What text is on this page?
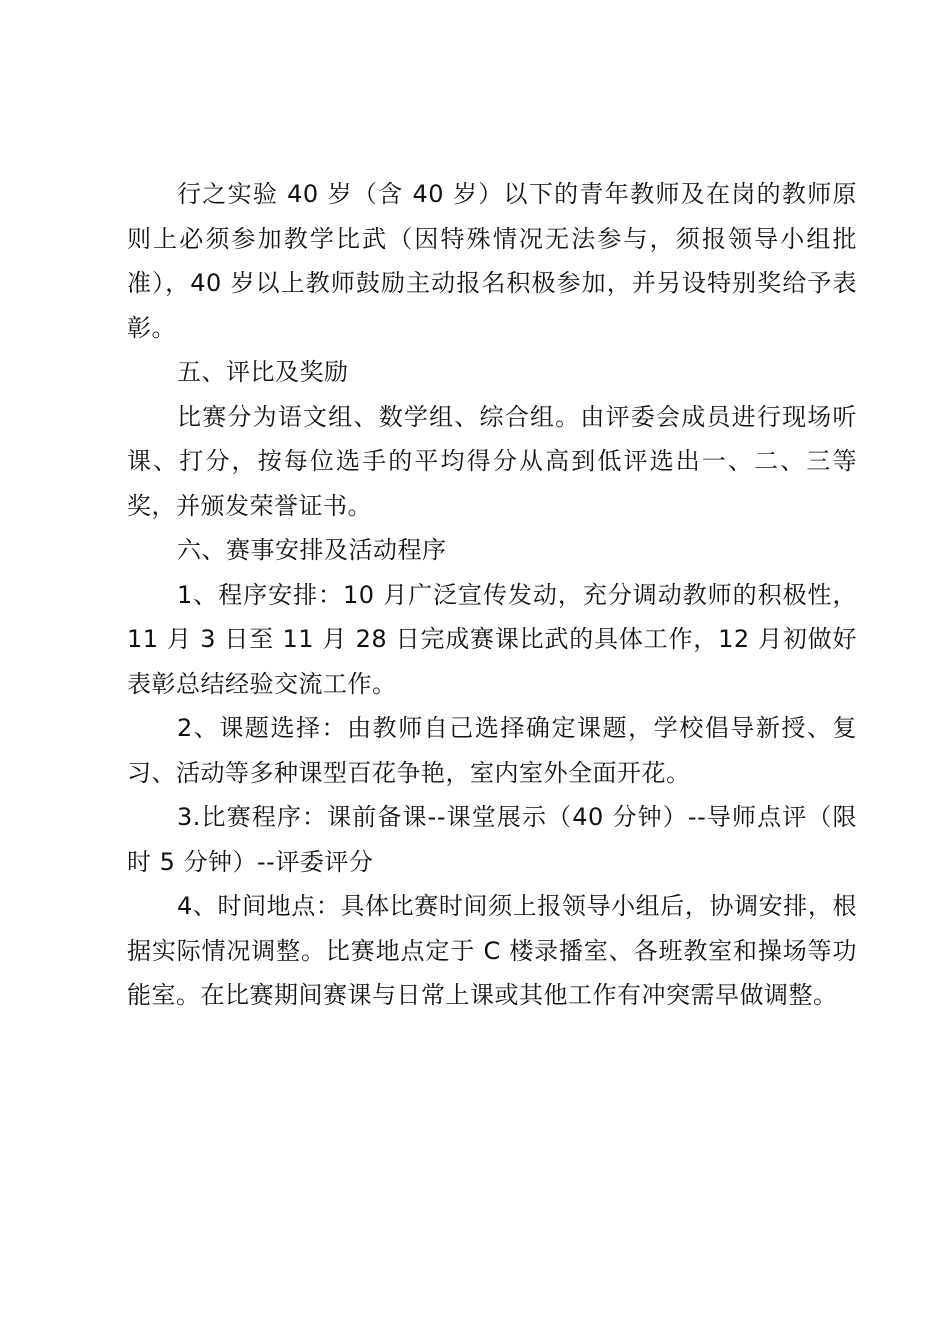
行之实验 40 岁（含 40 岁）以下的青年教师及在岗的教师原则上必须参加教学比武（因特殊情况无法参与，须报领导小组批准），40 岁以上教师鼓励主动报名积极参加，并另设特别奖给予表彰。

五、评比及奖励

比赛分为语文组、数学组、综合组。由评委会成员进行现场听课、打分，按每位选手的平均得分从高到低评选出一、二、三等奖，并颁发荣誉证书。

六、赛事安排及活动程序

1、程序安排：10 月广泛宣传发动，充分调动教师的积极性，11 月 3 日至 11 月 28 日完成赛课比武的具体工作，12 月初做好表彰总结经验交流工作。

2、课题选择：由教师自己选择确定课题，学校倡导新授、复习、活动等多种课型百花争艳，室内室外全面开花。

3.比赛程序：课前备课--课堂展示（40 分钟）--导师点评（限时 5 分钟）--评委评分

4、时间地点：具体比赛时间须上报领导小组后，协调安排，根据实际情况调整。比赛地点定于 C 楼录播室、各班教室和操场等功能室。在比赛期间赛课与日常上课或其他工作有冲突需早做调整。
